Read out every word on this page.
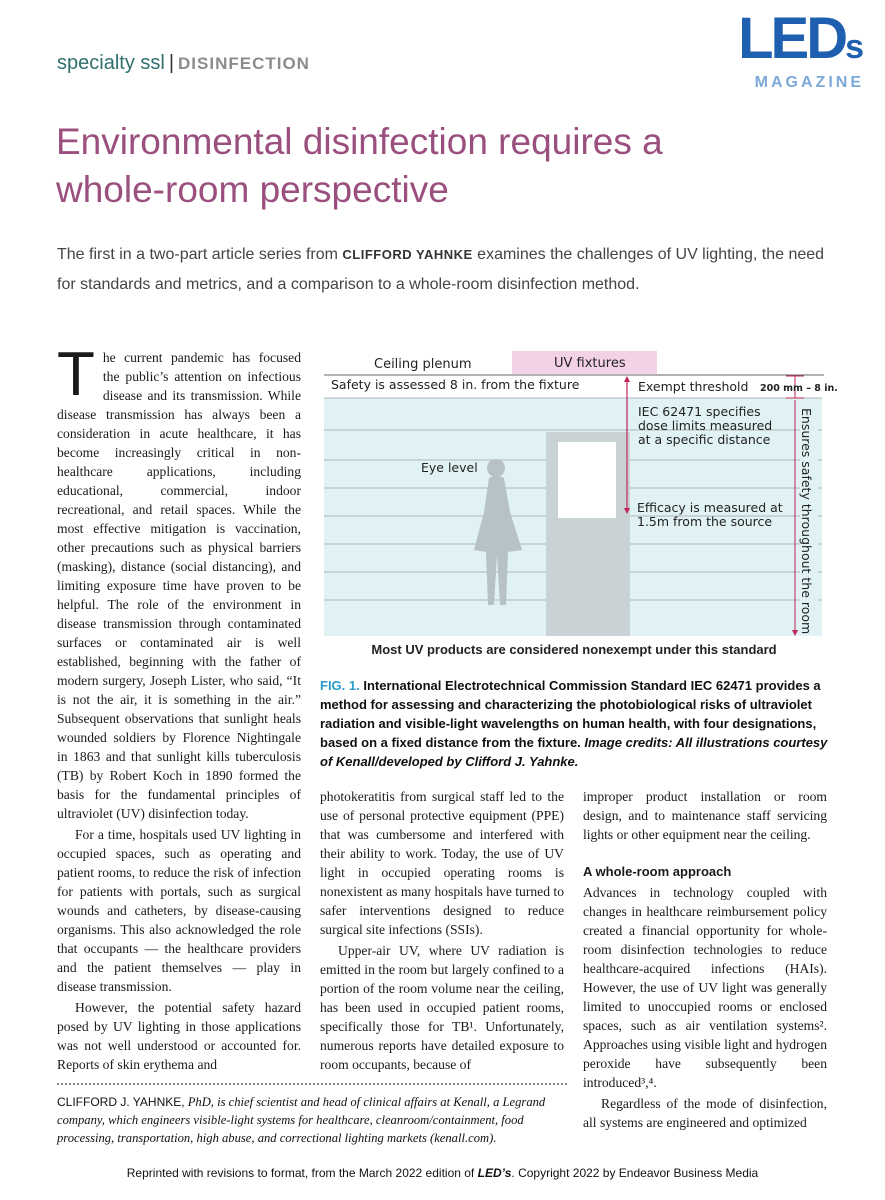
specialty ssl | DISINFECTION	LEDs
MAGAZINE
Environmental disinfection requires a whole-room perspective
The first in a two-part article series from CLIFFORD YAHNKE examines the challenges of UV lighting, the need for standards and metrics, and a comparison to a whole-room disinfection method.

The current pandemic has focused the public’s attention on infectious disease and its transmission. While disease transmission has always been a consideration in acute healthcare, it has become increasingly critical in non-healthcare applications, including educational, commercial, indoor recreational, and retail spaces. While the most effective mitigation is vaccination, other precautions such as physical barriers (masking), distance (social distancing), and limiting exposure time have proven to be helpful. The role of the environment in disease transmission through contaminated surfaces or contaminated air is well established, beginning with the father of modern surgery, Joseph Lister, who said, “It is not the air, it is something in the air.” Subsequent observations that sunlight heals wounded soldiers by Florence Nightingale in 1863 and that sunlight kills tuberculosis (TB) by Robert Koch in 1890 formed the basis for the fundamental principles of ultraviolet (UV) disinfection today.

For a time, hospitals used UV lighting in occupied spaces, such as operating and patient rooms, to reduce the risk of infection for patients with portals, such as surgical wounds and catheters, by disease-causing organisms. This also acknowledged the role that occupants — the healthcare providers and the patient themselves — play in disease transmission.

However, the potential safety hazard posed by UV lighting in those applications was not well understood or accounted for. Reports of skin erythema and

Ceiling plenum	UV fixtures
Safety is assessed 8 in. from the fixture	Exempt threshold 200 mm – 8 in.
IEC 62471 specifies
dose limits measured
at a specific distance
Eye level
Efficacy is measured at
1.5m from the source Ensures safety throughout the room
Most UV products are considered nonexempt under this standard
FIG. 1. International Electrotechnical Commission Standard IEC 62471 provides a method for assessing and characterizing the photobiological risks of ultraviolet radiation and visible-light wavelengths on human health, with four designations, based on a fixed distance from the fixture. Image credits: All illustrations courtesy of Kenall/developed by Clifford J. Yahnke.

photokeratitis from surgical staff led to the use of personal protective equipment (PPE) that was cumbersome and interfered with their ability to work. Today, the use of UV light in occupied operating rooms is nonexistent as many hospitals have turned to safer interventions designed to reduce surgical site infections (SSIs).

Upper-air UV, where UV radiation is emitted in the room but largely confined to a portion of the room volume near the ceiling, has been used in occupied patient rooms, specifically those for TB¹. Unfortunately, numerous reports have detailed exposure to room occupants, because of

improper product installation or room design, and to maintenance staff servicing lights or other equipment near the ceiling.

A whole-room approach

Advances in technology coupled with changes in healthcare reimbursement policy created a financial opportunity for whole-room disinfection technologies to reduce healthcare-acquired infections (HAIs). However, the use of UV light was generally limited to unoccupied rooms or enclosed spaces, such as air ventilation systems². Approaches using visible light and hydrogen peroxide have subsequently been introduced³,⁴.

Regardless of the mode of disinfection, all systems are engineered and optimized

CLIFFORD J. YAHNKE, PhD, is chief scientist and head of clinical affairs at Kenall, a Legrand company, which engineers visible-light systems for healthcare, cleanroom/containment, food processing, transportation, high abuse, and correctional lighting markets (kenall.com).
Reprinted with revisions to format, from the March 2022 edition of LED’s. Copyright 2022 by Endeavor Business Media
